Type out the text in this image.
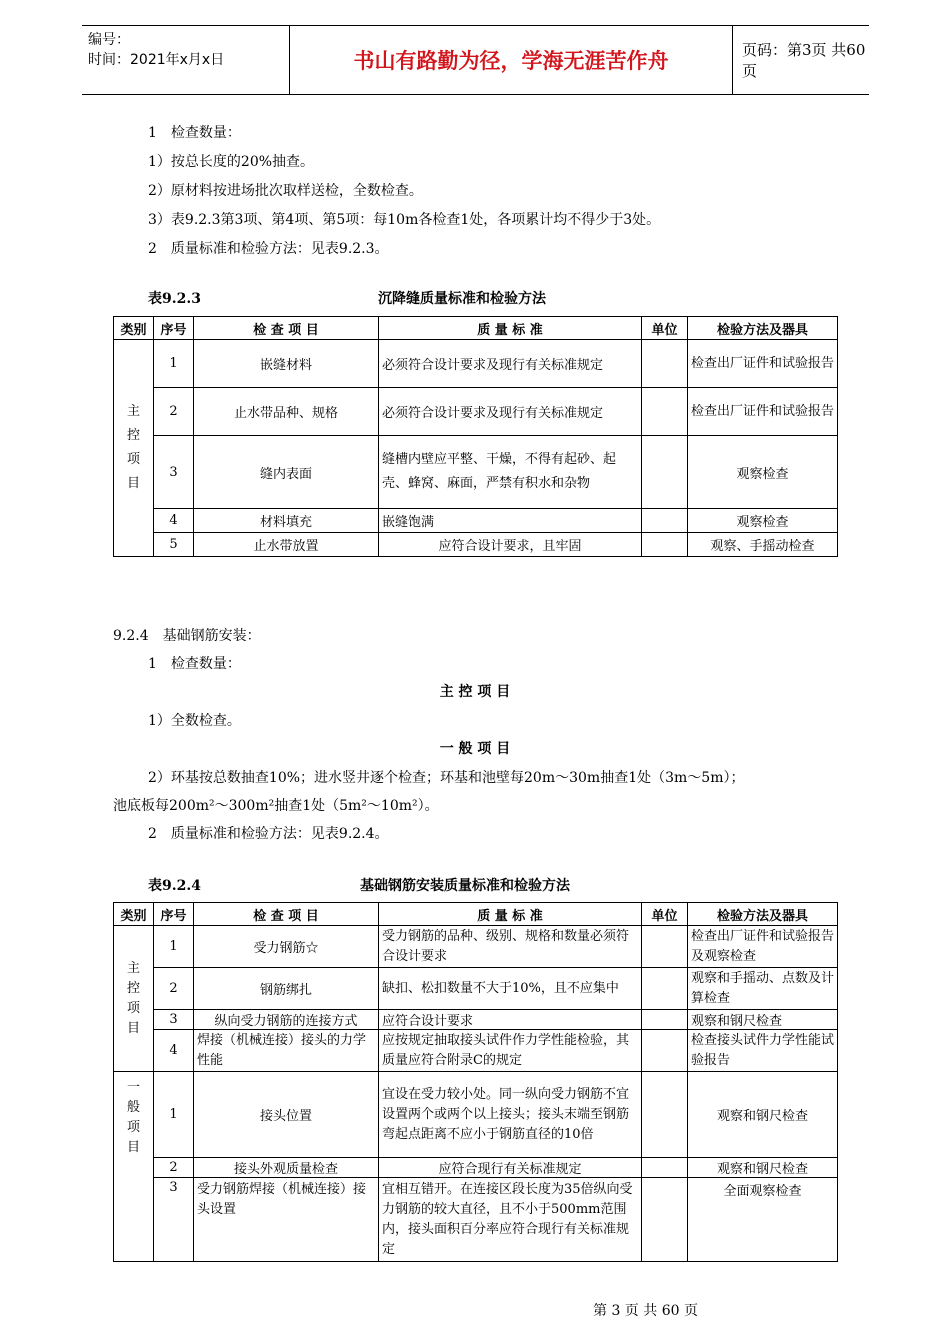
编号：
时间：2021年x月x日	书山有路勤为径，学海无涯苦作舟	页码：第3页 共60页
1　检查数量：
1）按总长度的20%抽查。
2）原材料按进场批次取样送检，全数检查。
3）表9.2.3第3项、第4项、第5项：每10m各检查1处，各项累计均不得少于3处。
2　质量标准和检验方法：见表9.2.3。
表9.2.3	沉降缝质量标准和检验方法
类别	序号	检 查 项 目	质 量 标 准	单位	检验方法及器具
主控项目	1	嵌缝材料	必须符合设计要求及现行有关标准规定		检查出厂证件和试验报告
	2	止水带品种、规格	必须符合设计要求及现行有关标准规定		检查出厂证件和试验报告
	3	缝内表面	缝槽内壁应平整、干燥，不得有起砂、起壳、蜂窝、麻面，严禁有积水和杂物		观察检查
	4	材料填充	嵌缝饱满		观察检查
	5	止水带放置	应符合设计要求，且牢固		观察、手摇动检查
9.2.4　基础钢筋安装：
1　检查数量：
主 控 项 目
1）全数检查。
一 般 项 目
2）环基按总数抽查10%；进水竖井逐个检查；环基和池壁每20m～30m抽查1处（3m～5m）；
池底板每200m²～300m²抽查1处（5m²～10m²）。
2　质量标准和检验方法：见表9.2.4。
表9.2.4	基础钢筋安装质量标准和检验方法
类别	序号	检 查 项 目	质 量 标 准	单位	检验方法及器具
主控项目	1	受力钢筋☆	受力钢筋的品种、级别、规格和数量必须符合设计要求		检查出厂证件和试验报告及观察检查
	2	钢筋绑扎	缺扣、松扣数量不大于10%，且不应集中		观察和手摇动、点数及计算检查
	3	纵向受力钢筋的连接方式	应符合设计要求		观察和钢尺检查
	4	焊接（机械连接）接头的力学性能	应按规定抽取接头试件作力学性能检验，其质量应符合附录C的规定		检查接头试件力学性能试验报告
一般项目	1	接头位置	宜设在受力较小处。同一纵向受力钢筋不宜设置两个或两个以上接头；接头末端至钢筋弯起点距离不应小于钢筋直径的10倍		观察和钢尺检查
	2	接头外观质量检查	应符合现行有关标准规定		观察和钢尺检查
	3	受力钢筋焊接（机械连接）接头设置	宜相互错开。在连接区段长度为35倍纵向受力钢筋的较大直径，且不小于500mm范围内，接头面积百分率应符合现行有关标准规定		全面观察检查
第 3 页 共 60 页
